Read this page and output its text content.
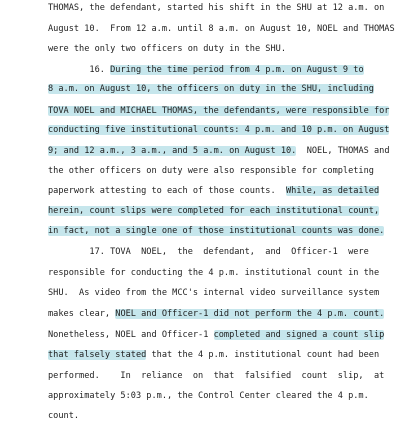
THOMAS, the defendant, started his shift in the SHU at 12 a.m. on
August 10.  From 12 a.m. until 8 a.m. on August 10, NOEL and THOMAS
were the only two officers on duty in the SHU.
16. During the time period from 4 p.m. on August 9 to
8 a.m. on August 10, the officers on duty in the SHU, including
TOVA NOEL and MICHAEL THOMAS, the defendants, were responsible for
conducting five institutional counts: 4 p.m. and 10 p.m. on August
9; and 12 a.m., 3 a.m., and 5 a.m. on August 10.  NOEL, THOMAS and
the other officers on duty were also responsible for completing
paperwork attesting to each of those counts.  While, as detailed
herein, count slips were completed for each institutional count,
in fact, not a single one of those institutional counts was done.
17. TOVA  NOEL,  the  defendant,  and  Officer-1  were
responsible for conducting the 4 p.m. institutional count in the
SHU.  As video from the MCC's internal video surveillance system
makes clear, NOEL and Officer-1 did not perform the 4 p.m. count.
Nonetheless, NOEL and Officer-1 completed and signed a count slip
that falsely stated that the 4 p.m. institutional count had been
performed.    In  reliance  on  that  falsified  count  slip,  at
approximately 5:03 p.m., the Control Center cleared the 4 p.m.
count.
